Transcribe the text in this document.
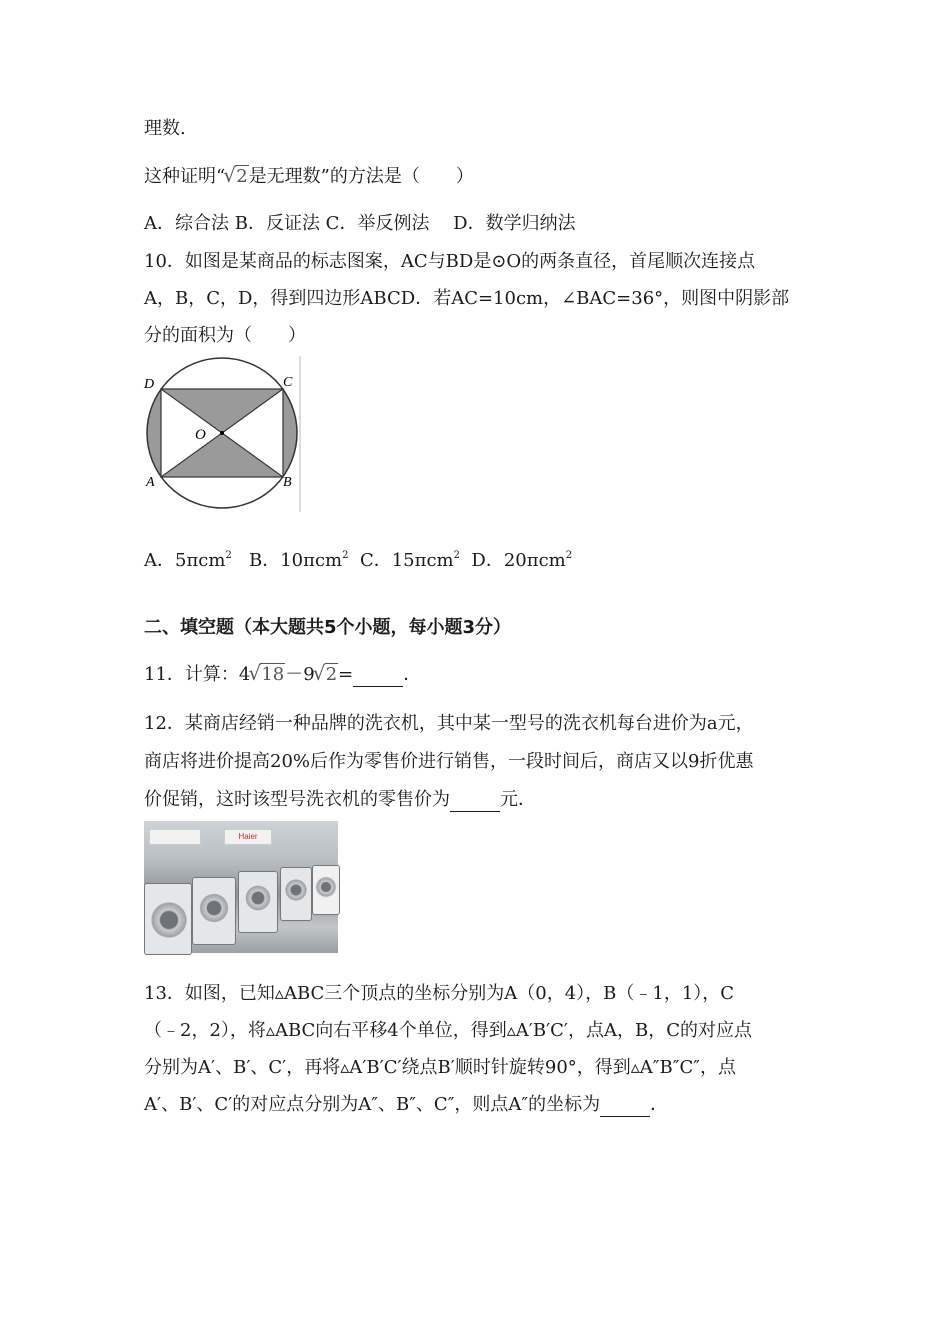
理数.
这种证明“ √ 2是无理数”的方法是（　　）
A．综合法 B．反证法 C．举反例法　 D．数学归纳法
10．如图是某商品的标志图案，AC与BD是⊙O的两条直径，首尾顺次连接点
A，B，C，D，得到四边形ABCD．若AC=10cm，∠BAC=36°，则图中阴影部
分的面积为（　　）
D	C
O
A	B
A．5πcm$^2$ B．10πcm$^2$ C．15πcm$^2$ D．20πcm$^2$
二、填空题（本大题共5个小题，每小题3分）
11．计算：4 √ 18－9 √ 2=	．
12．某商店经销一种品牌的洗衣机，其中某一型号的洗衣机每台进价为a元，
商店将进价提高20%后作为零售价进行销售，一段时间后，商店又以9折优惠
价促销，这时该型号洗衣机的零售价为	元．
Haier
13．如图，已知▵ABC三个顶点的坐标分别为A（0，4），B（﹣1，1），C
（﹣2，2），将▵ABC向右平移4个单位，得到▵A′B′C′，点A，B，C的对应点
分别为A′、B′、C′，再将▵A′B′C′绕点B′顺时针旋转90°，得到▵A″B″C″，点
A′、B′、C′的对应点分别为A″、B″、C″，则点A″的坐标为	．
